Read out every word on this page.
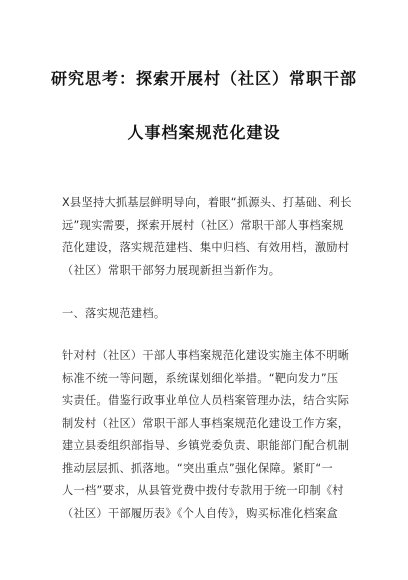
研究思考：探索开展村（社区）常职干部
人事档案规范化建设
X县坚持大抓基层鲜明导向，着眼“抓源头、打基础、利长
远”现实需要，探索开展村（社区）常职干部人事档案规
范化建设，落实规范建档、集中归档、有效用档，激励村
（社区）常职干部努力展现新担当新作为。
一、落实规范建档。
针对村（社区）干部人事档案规范化建设实施主体不明晰
标准不统一等问题，系统谋划细化举措。“靶向发力”压
实责任。借鉴行政事业单位人员档案管理办法，结合实际
制发村（社区）常职干部人事档案规范化建设工作方案，
建立县委组织部指导、乡镇党委负责、职能部门配合机制
推动层层抓、抓落地。“突出重点”强化保障。紧盯“一
人一档”要求，从县管党费中拨付专款用于统一印制《村
（社区）干部履历表》《个人自传》，购买标准化档案盒
